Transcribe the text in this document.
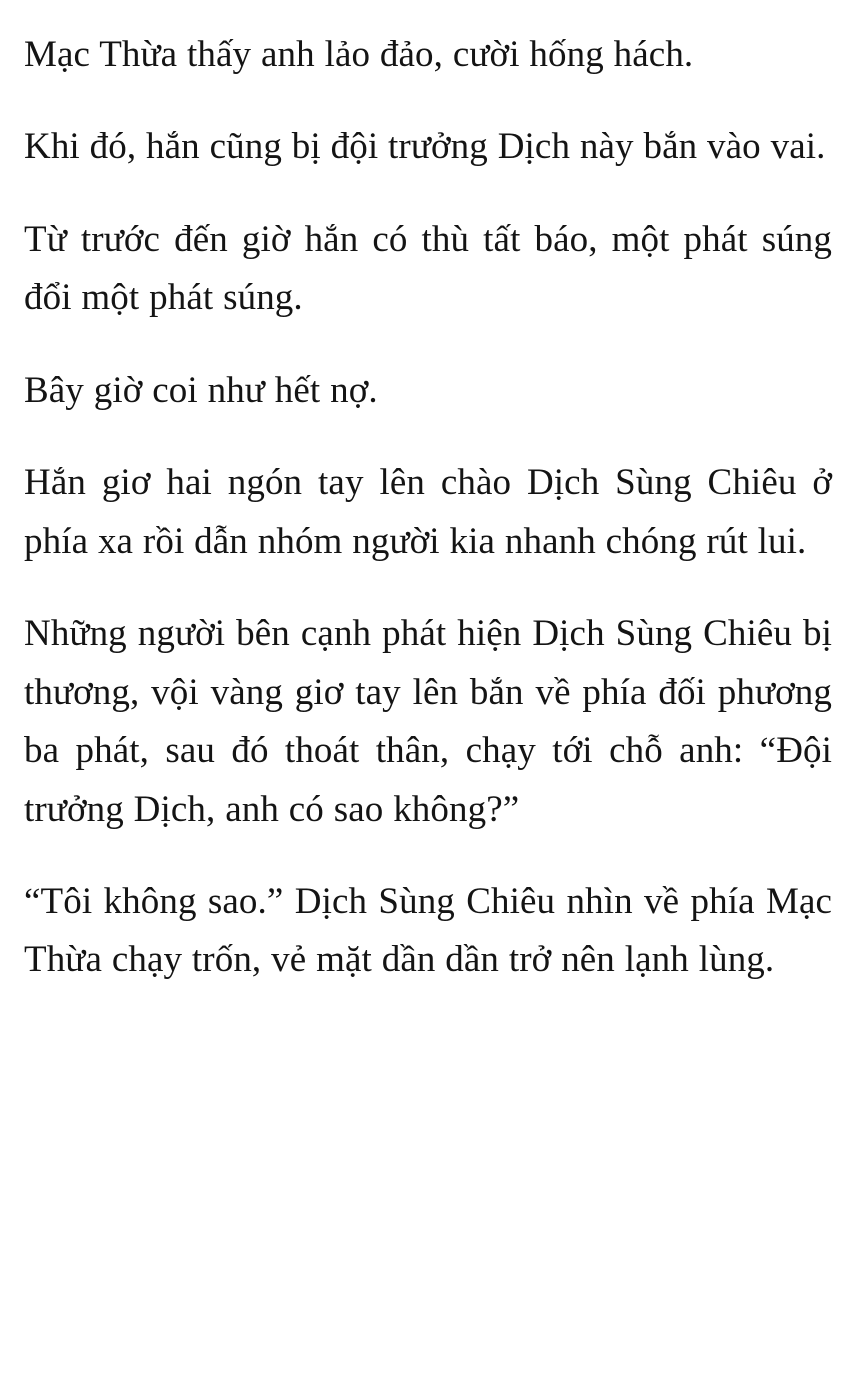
Mạc Thừa thấy anh lảo đảo, cười hống hách.

Khi đó, hắn cũng bị đội trưởng Dịch này bắn vào vai.

Từ trước đến giờ hắn có thù tất báo, một phát súng đổi một phát súng.

Bây giờ coi như hết nợ.

Hắn giơ hai ngón tay lên chào Dịch Sùng Chiêu ở phía xa rồi dẫn nhóm người kia nhanh chóng rút lui.

Những người bên cạnh phát hiện Dịch Sùng Chiêu bị thương, vội vàng giơ tay lên bắn về phía đối phương ba phát, sau đó thoát thân, chạy tới chỗ anh: “Đội trưởng Dịch, anh có sao không?”

“Tôi không sao.” Dịch Sùng Chiêu nhìn về phía Mạc Thừa chạy trốn, vẻ mặt dần dần trở nên lạnh lùng.
